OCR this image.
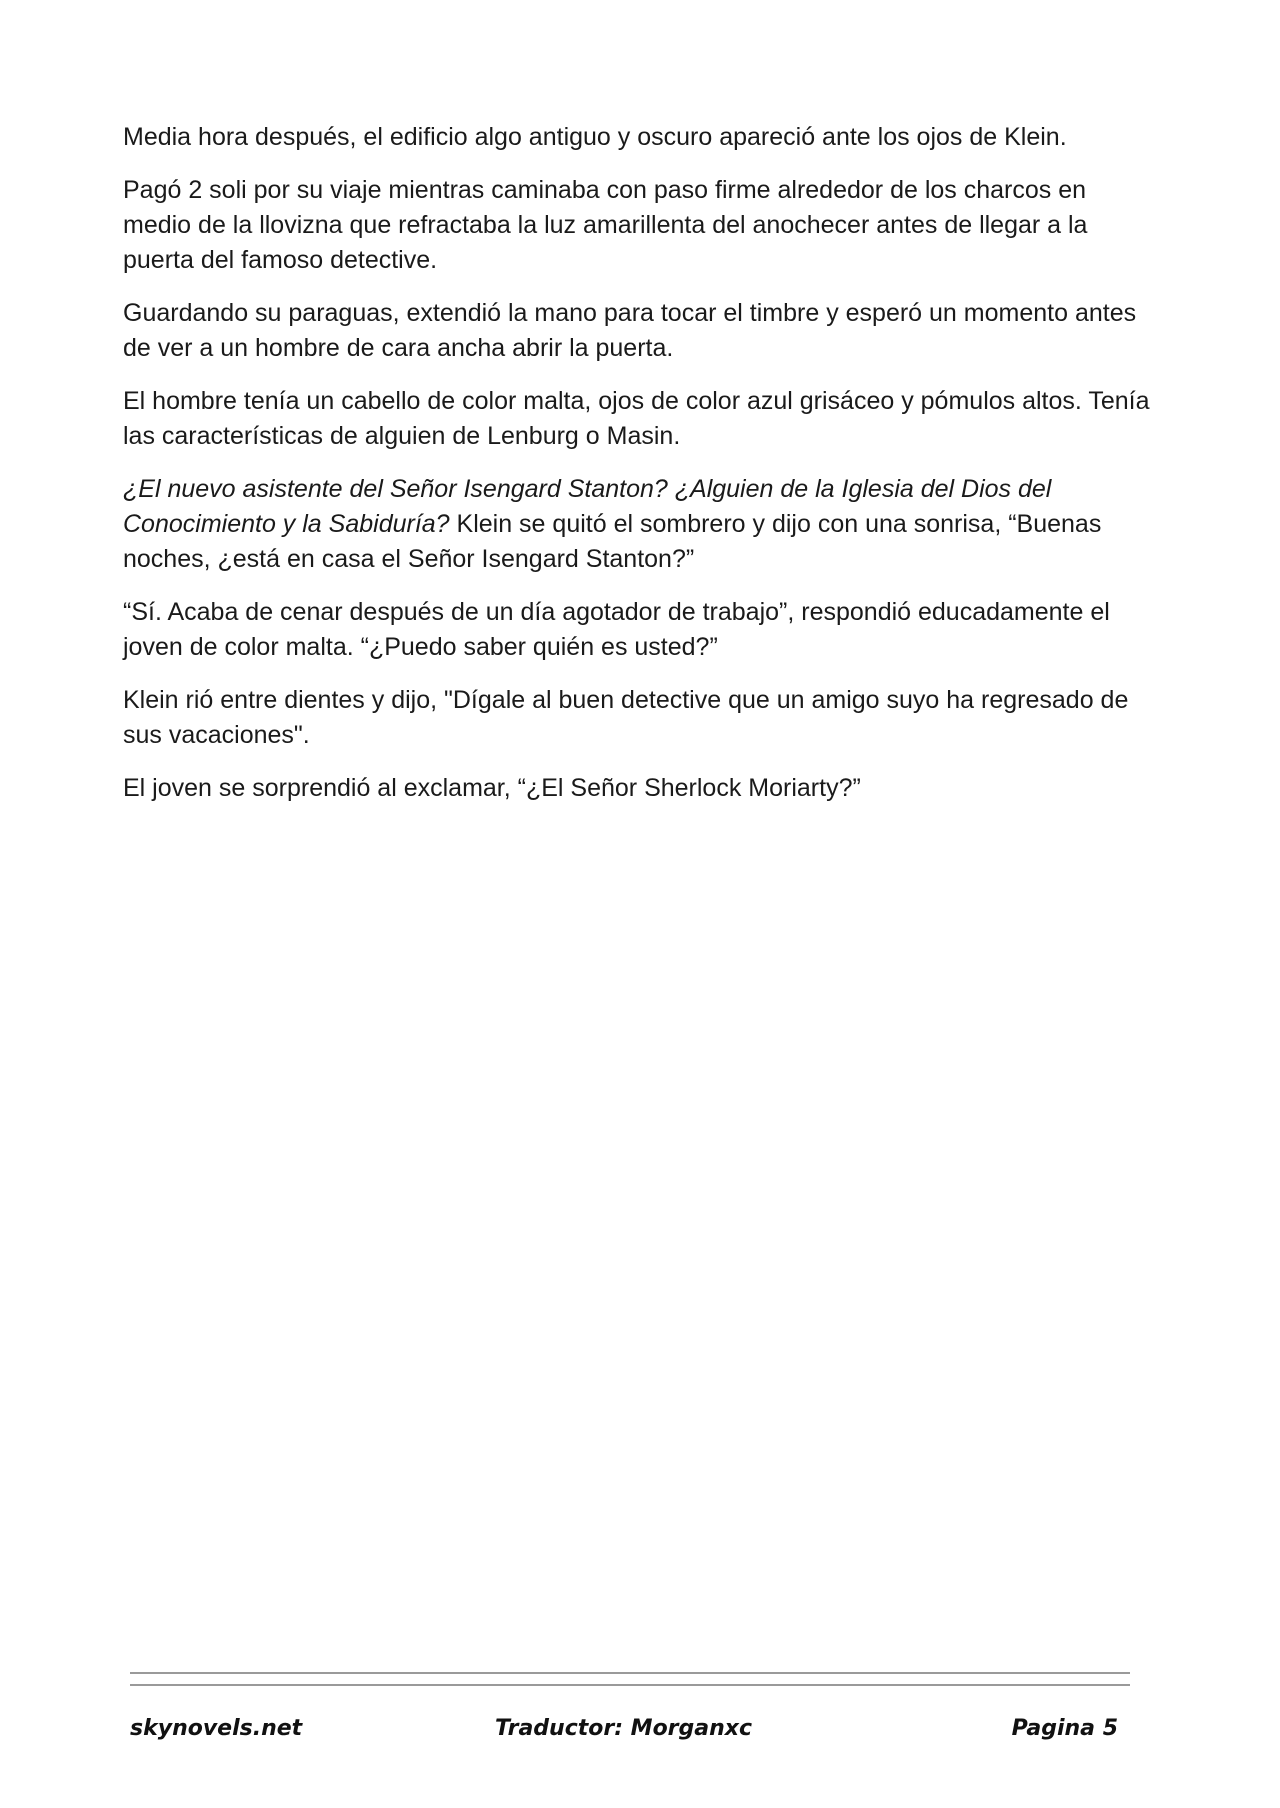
Media hora después, el edificio algo antiguo y oscuro apareció ante los ojos de Klein.

Pagó 2 soli por su viaje mientras caminaba con paso firme alrededor de los charcos en medio de la llovizna que refractaba la luz amarillenta del anochecer antes de llegar a la puerta del famoso detective.

Guardando su paraguas, extendió la mano para tocar el timbre y esperó un momento antes de ver a un hombre de cara ancha abrir la puerta.

El hombre tenía un cabello de color malta, ojos de color azul grisáceo y pómulos altos. Tenía las características de alguien de Lenburg o Masin.

¿El nuevo asistente del Señor Isengard Stanton? ¿Alguien de la Iglesia del Dios del Conocimiento y la Sabiduría? Klein se quitó el sombrero y dijo con una sonrisa, “Buenas noches, ¿está en casa el Señor Isengard Stanton?”

“Sí. Acaba de cenar después de un día agotador de trabajo”, respondió educadamente el joven de color malta. “¿Puedo saber quién es usted?”

Klein rió entre dientes y dijo, "Dígale al buen detective que un amigo suyo ha regresado de sus vacaciones".

El joven se sorprendió al exclamar, “¿El Señor Sherlock Moriarty?”

skynovels.net	Traductor: Morganxc	Pagina 5
